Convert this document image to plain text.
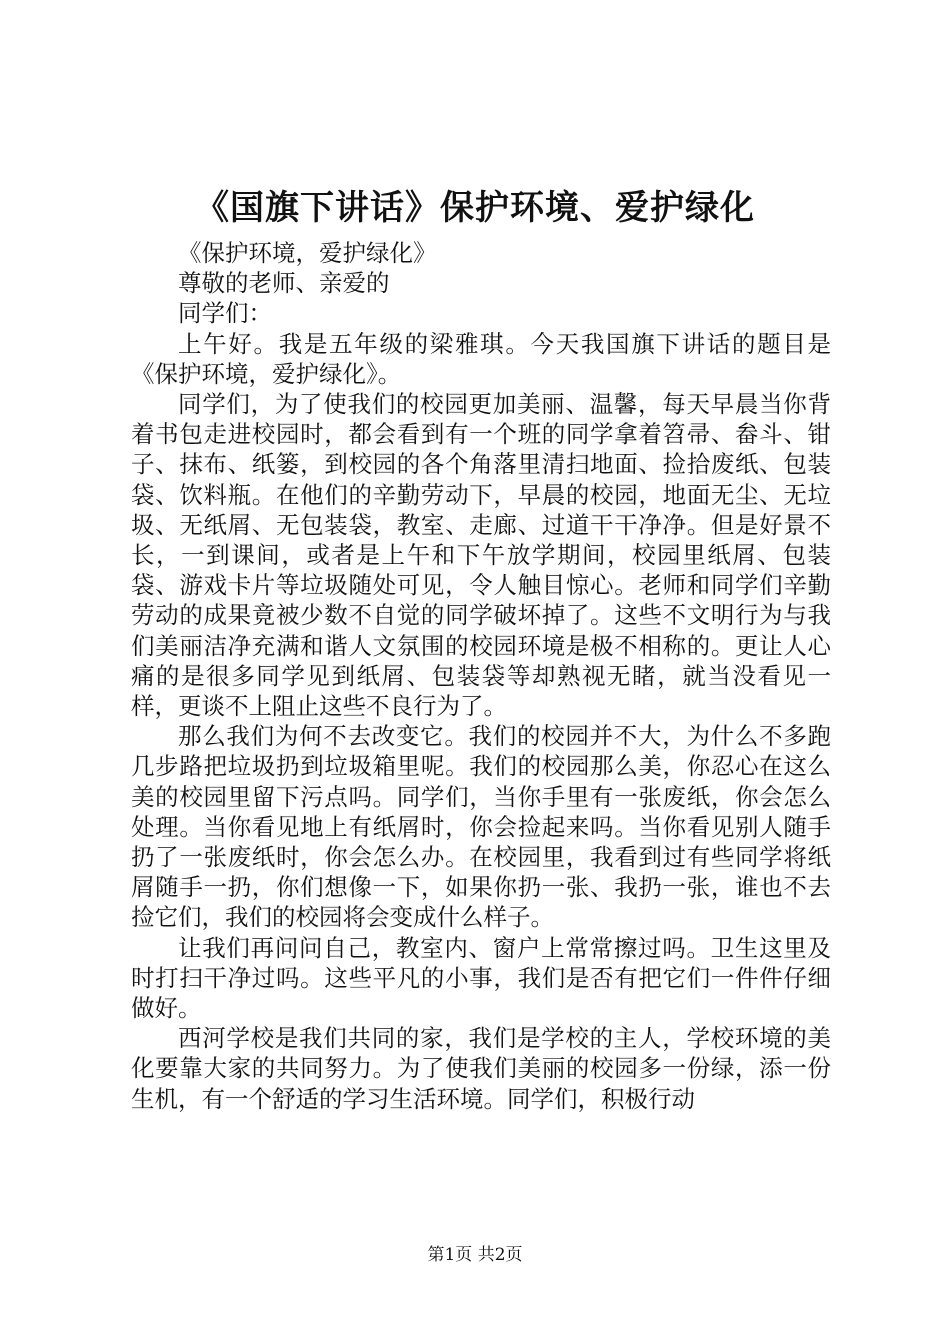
《国旗下讲话》保护环境、爱护绿化

《保护环境，爱护绿化》

尊敬的老师、亲爱的

同学们：

上午好。我是五年级的梁雅琪。今天我国旗下讲话的题目是《保护环境，爱护绿化》。

同学们，为了使我们的校园更加美丽、温馨，每天早晨当你背着书包走进校园时，都会看到有一个班的同学拿着笤帚、畚斗、钳子、抹布、纸篓，到校园的各个角落里清扫地面、捡拾废纸、包装袋、饮料瓶。在他们的辛勤劳动下，早晨的校园，地面无尘、无垃圾、无纸屑、无包装袋，教室、走廊、过道干干净净。但是好景不长，一到课间，或者是上午和下午放学期间，校园里纸屑、包装袋、游戏卡片等垃圾随处可见，令人触目惊心。老师和同学们辛勤劳动的成果竟被少数不自觉的同学破坏掉了。这些不文明行为与我们美丽洁净充满和谐人文氛围的校园环境是极不相称的。更让人心痛的是很多同学见到纸屑、包装袋等却熟视无睹，就当没看见一样，更谈不上阻止这些不良行为了。

那么我们为何不去改变它。我们的校园并不大，为什么不多跑几步路把垃圾扔到垃圾箱里呢。我们的校园那么美，你忍心在这么美的校园里留下污点吗。同学们，当你手里有一张废纸，你会怎么处理。当你看见地上有纸屑时，你会捡起来吗。当你看见别人随手扔了一张废纸时，你会怎么办。在校园里，我看到过有些同学将纸屑随手一扔，你们想像一下，如果你扔一张、我扔一张，谁也不去捡它们，我们的校园将会变成什么样子。

让我们再问问自己，教室内、窗户上常常擦过吗。卫生这里及时打扫干净过吗。这些平凡的小事，我们是否有把它们一件件仔细做好。

西河学校是我们共同的家，我们是学校的主人，学校环境的美化要靠大家的共同努力。为了使我们美丽的校园多一份绿，添一份生机，有一个舒适的学习生活环境。同学们，积极行动

第1页 共2页
